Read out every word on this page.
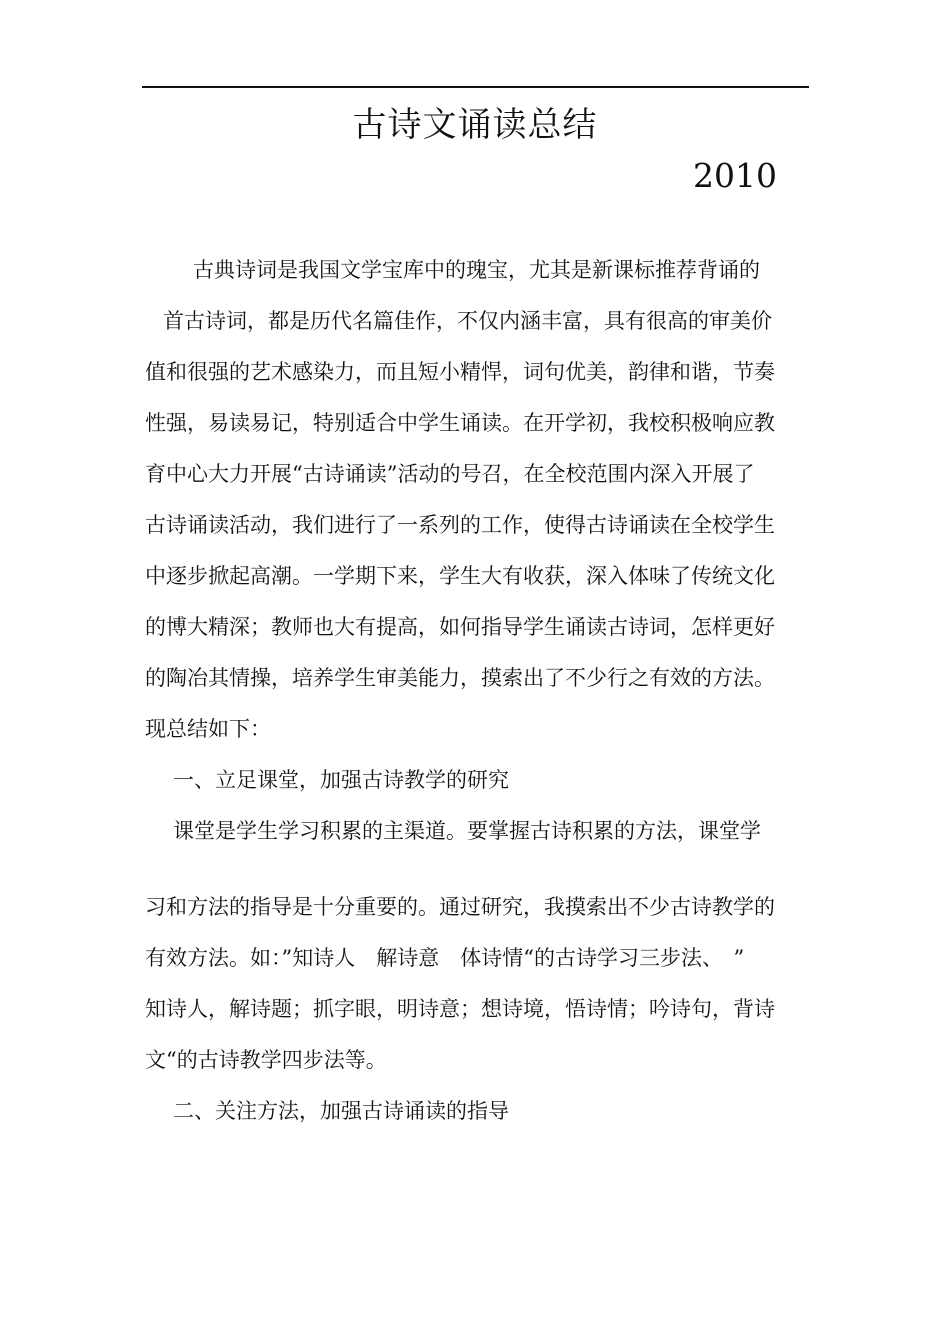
古诗文诵读总结
2010
古典诗词是我国文学宝库中的瑰宝，尤其是新课标推荐背诵的
首古诗词，都是历代名篇佳作，不仅内涵丰富，具有很高的审美价
值和很强的艺术感染力，而且短小精悍，词句优美，韵律和谐，节奏
性强，易读易记，特别适合中学生诵读。在开学初，我校积极响应教
育中心大力开展“古诗诵读”活动的号召，在全校范围内深入开展了
古诗诵读活动，我们进行了一系列的工作，使得古诗诵读在全校学生
中逐步掀起高潮。一学期下来，学生大有收获，深入体味了传统文化
的博大精深；教师也大有提高，如何指导学生诵读古诗词，怎样更好
的陶冶其情操，培养学生审美能力，摸索出了不少行之有效的方法。
现总结如下：
一、立足课堂，加强古诗教学的研究
课堂是学生学习积累的主渠道。要掌握古诗积累的方法，课堂学
习和方法的指导是十分重要的。通过研究，我摸索出不少古诗教学的
有效方法。如：”知诗人　解诗意　体诗情“的古诗学习三步法、　”
知诗人，解诗题；抓字眼，明诗意；想诗境，悟诗情；吟诗句，背诗
文“的古诗教学四步法等。
二、关注方法，加强古诗诵读的指导
